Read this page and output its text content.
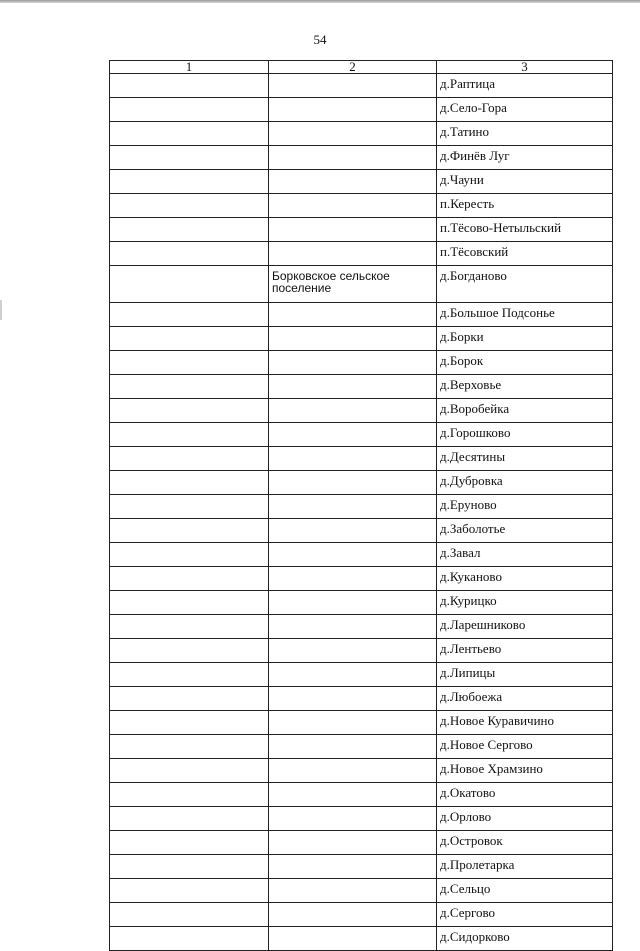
54
1	2	3
		д.Раптица
		д.Село-Гора
		д.Татино
		д.Финёв Луг
		д.Чауни
		п.Кересть
		п.Тёсово-Нетыльский
		п.Тёсовский
	Борковское сельское поселение	д.Богданово
		д.Большое Подсонье
		д.Борки
		д.Борок
		д.Верховье
		д.Воробейка
		д.Горошково
		д.Десятины
		д.Дубровка
		д.Еруново
		д.Заболотье
		д.Завал
		д.Куканово
		д.Курицко
		д.Ларешниково
		д.Лентьево
		д.Липицы
		д.Любоежа
		д.Новое Куравичино
		д.Новое Сергово
		д.Новое Храмзино
		д.Окатово
		д.Орлово
		д.Островок
		д.Пролетарка
		д.Сельцо
		д.Сергово
		д.Сидорково
